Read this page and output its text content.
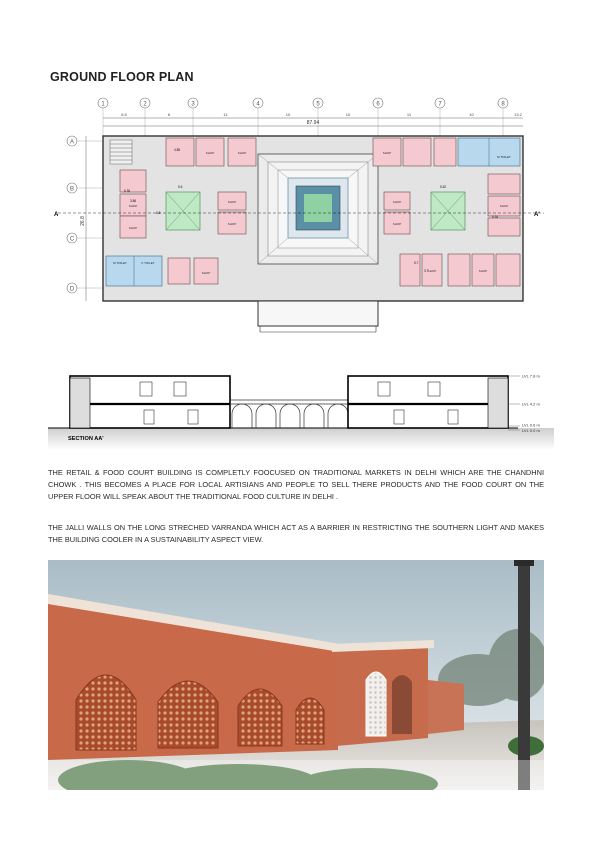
GROUND FLOOR PLAN
1	2	3	4	5	6	7	8
6.5	6	11	10	10	11	10	13.2
A
B
C
D
87.94
26.8
M TOILET	F TOILET
M TOILET
SHOP	SHOP
SHOP
SHOP
SHOP
SHOP
SHOP
SHOP
SHOP
SHOP
SHOP
SHOP	SHOP
4.85
6.36
3.86
5.6
6.8
5.62
6.34
5.7
3.7
A	A'
LVL 7.8 m
LVL 4.2 m
LVL 0.6 m
LVL 0.0 m
SECTION AA'
THE RETAIL & FOOD COURT BUILDING IS COMPLETLY FOOCUSED ON TRADITIONAL MARKETS IN DELHI WHICH ARE THE CHANDHNI CHOWK . THIS BECOMES A PLACE FOR LOCAL ARTISIANS AND PEOPLE TO SELL THERE PRODUCTS AND THE FOOD COURT ON THE UPPER FLOOR WILL SPEAK ABOUT THE TRADITIONAL FOOD CULTURE IN DELHI .
THE JALLI WALLS ON THE LONG STRECHED VARRANDA WHICH ACT AS A BARRIER IN RESTRICTING THE SOUTHERN LIGHT AND MAKES THE BUILDING COOLER IN A SUSTAINABILITY ASPECT VIEW.
